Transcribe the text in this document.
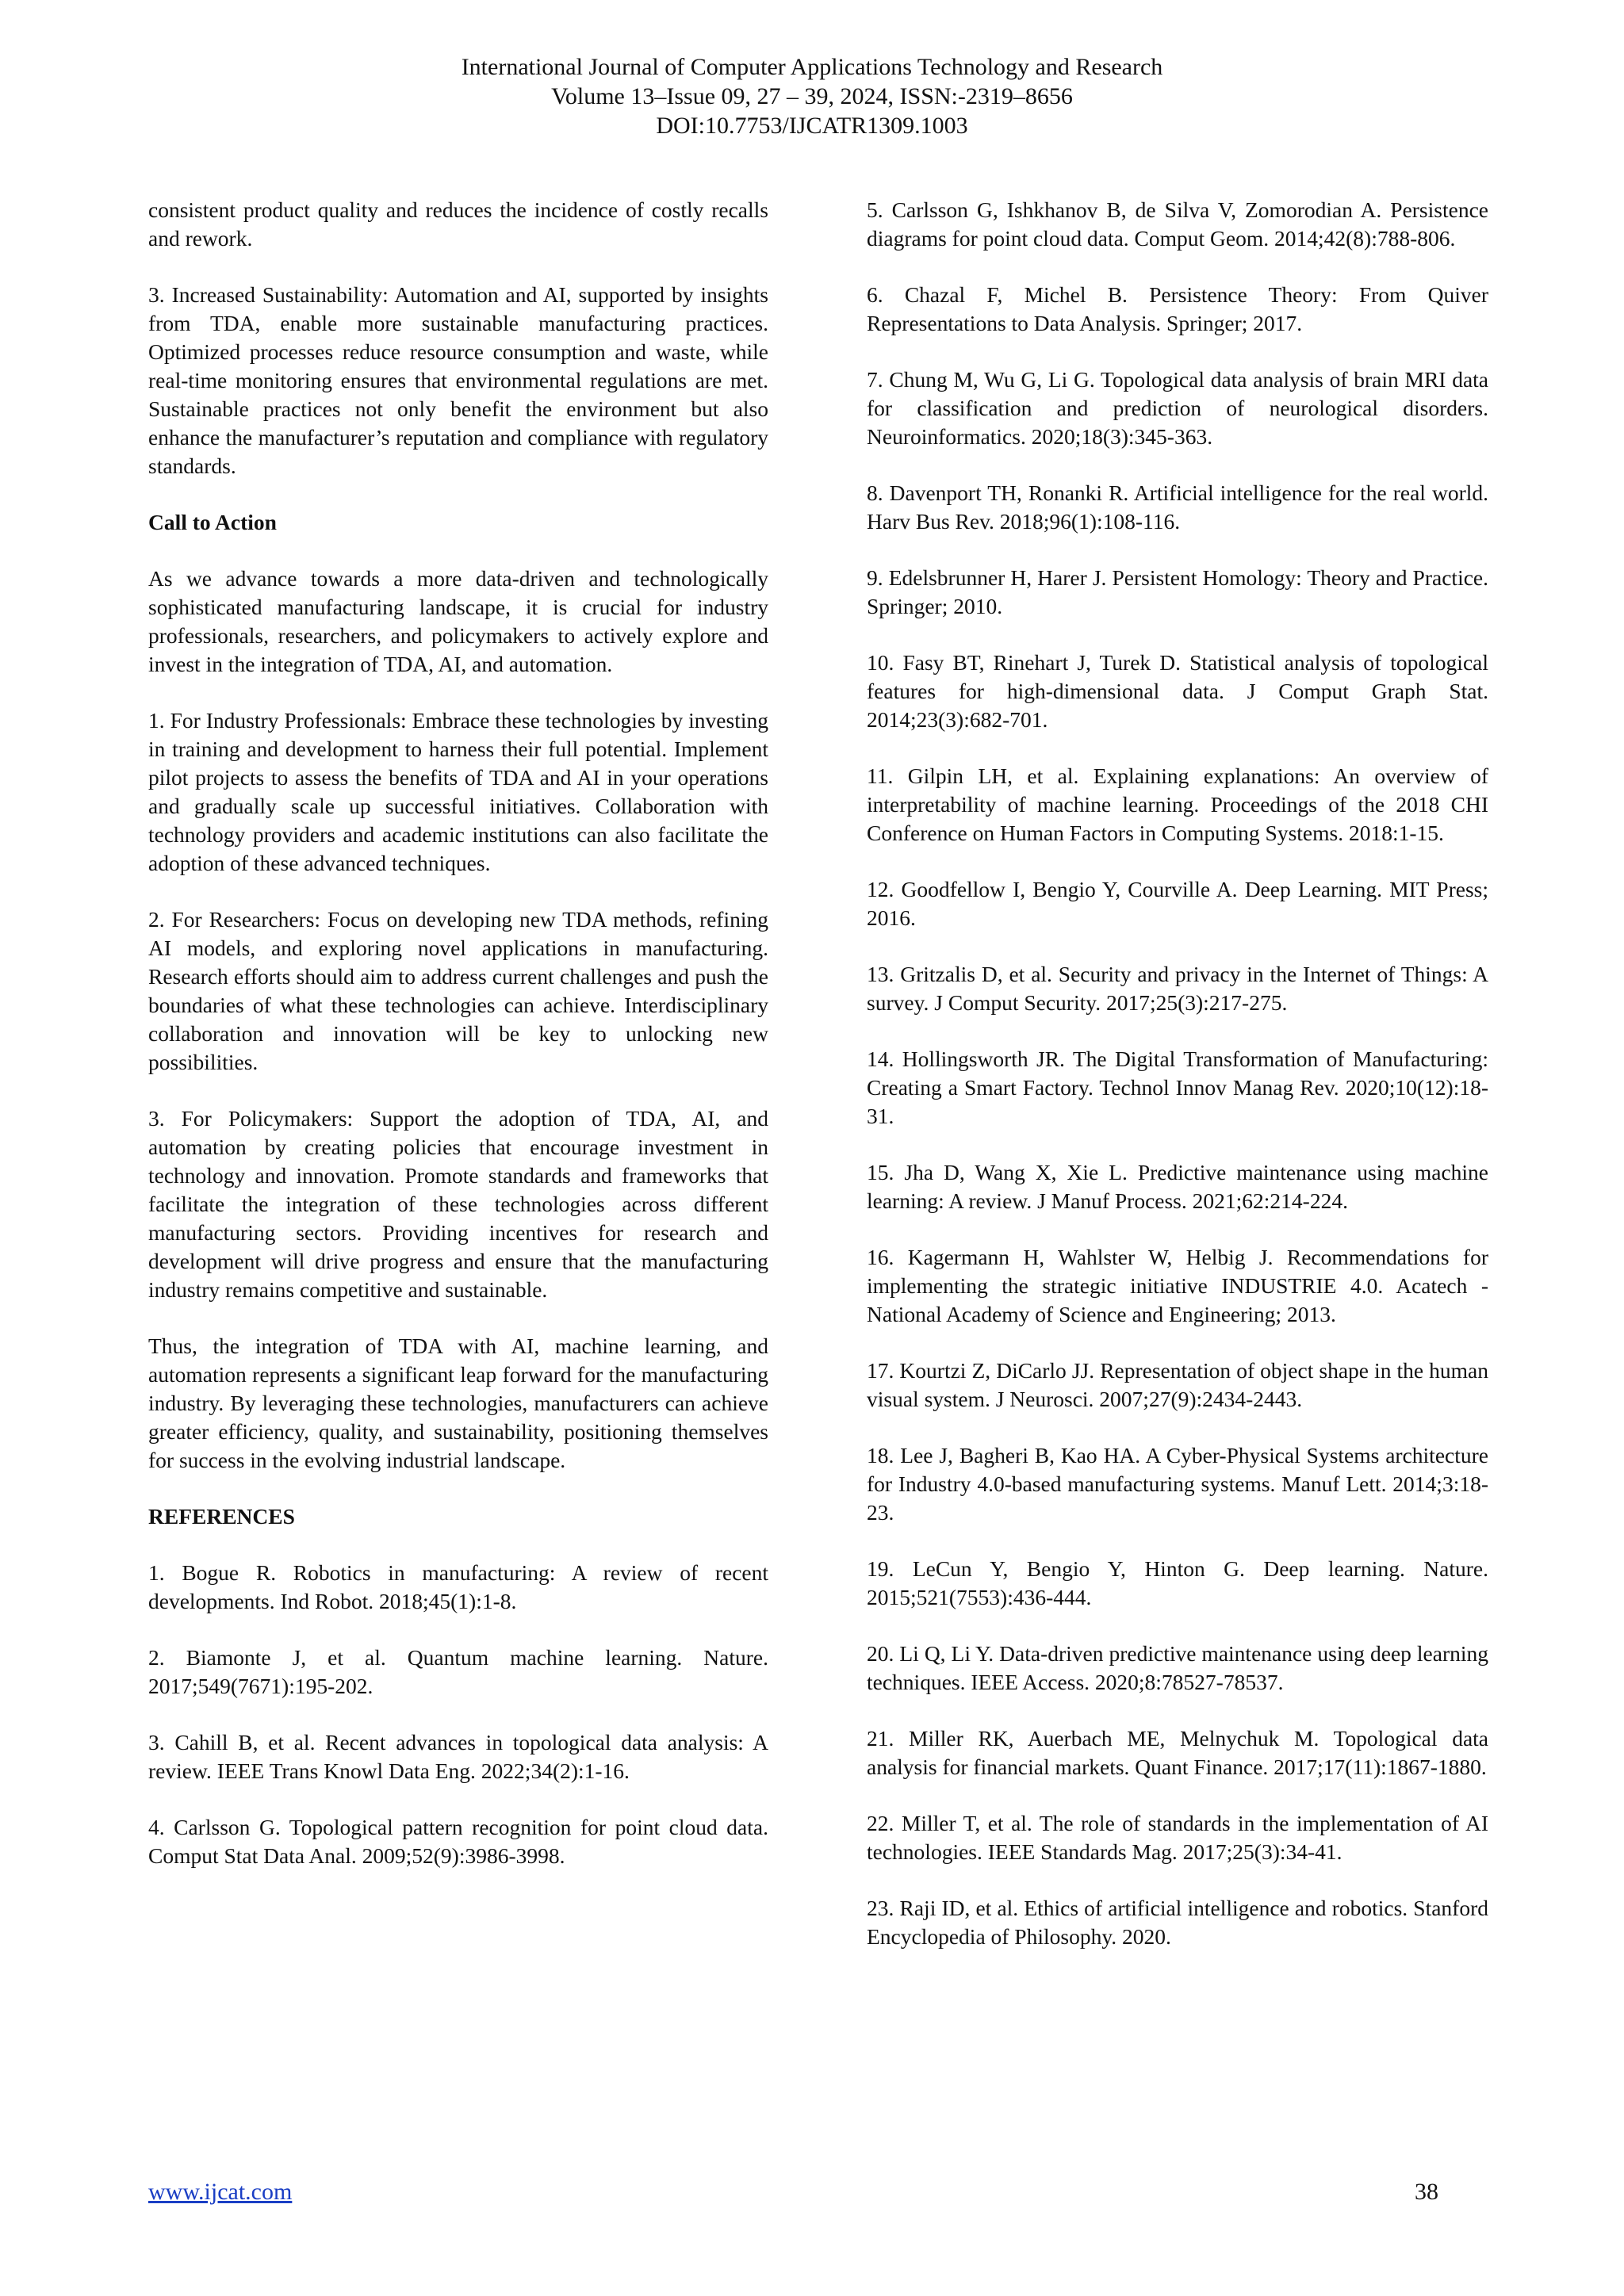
International Journal of Computer Applications Technology and Research
Volume 13–Issue 09, 27 – 39, 2024, ISSN:-2319–8656
DOI:10.7753/IJCATR1309.1003

consistent product quality and reduces the incidence of costly recalls and rework.

3. Increased Sustainability: Automation and AI, supported by insights from TDA, enable more sustainable manufacturing practices. Optimized processes reduce resource consumption and waste, while real-time monitoring ensures that environmental regulations are met. Sustainable practices not only benefit the environment but also enhance the manufacturer’s reputation and compliance with regulatory standards.

Call to Action

As we advance towards a more data-driven and technologically sophisticated manufacturing landscape, it is crucial for industry professionals, researchers, and policymakers to actively explore and invest in the integration of TDA, AI, and automation.

1. For Industry Professionals: Embrace these technologies by investing in training and development to harness their full potential. Implement pilot projects to assess the benefits of TDA and AI in your operations and gradually scale up successful initiatives. Collaboration with technology providers and academic institutions can also facilitate the adoption of these advanced techniques.

2. For Researchers: Focus on developing new TDA methods, refining AI models, and exploring novel applications in manufacturing. Research efforts should aim to address current challenges and push the boundaries of what these technologies can achieve. Interdisciplinary collaboration and innovation will be key to unlocking new possibilities.

3. For Policymakers: Support the adoption of TDA, AI, and automation by creating policies that encourage investment in technology and innovation. Promote standards and frameworks that facilitate the integration of these technologies across different manufacturing sectors. Providing incentives for research and development will drive progress and ensure that the manufacturing industry remains competitive and sustainable.

Thus, the integration of TDA with AI, machine learning, and automation represents a significant leap forward for the manufacturing industry. By leveraging these technologies, manufacturers can achieve greater efficiency, quality, and sustainability, positioning themselves for success in the evolving industrial landscape.

REFERENCES

1. Bogue R. Robotics in manufacturing: A review of recent developments. Ind Robot. 2018;45(1):1-8.

2. Biamonte J, et al. Quantum machine learning. Nature. 2017;549(7671):195-202.

3. Cahill B, et al. Recent advances in topological data analysis: A review. IEEE Trans Knowl Data Eng. 2022;34(2):1-16.

4. Carlsson G. Topological pattern recognition for point cloud data. Comput Stat Data Anal. 2009;52(9):3986-3998.

5. Carlsson G, Ishkhanov B, de Silva V, Zomorodian A. Persistence diagrams for point cloud data. Comput Geom. 2014;42(8):788-806.

6. Chazal F, Michel B. Persistence Theory: From Quiver Representations to Data Analysis. Springer; 2017.

7. Chung M, Wu G, Li G. Topological data analysis of brain MRI data for classification and prediction of neurological disorders. Neuroinformatics. 2020;18(3):345-363.

8. Davenport TH, Ronanki R. Artificial intelligence for the real world. Harv Bus Rev. 2018;96(1):108-116.

9. Edelsbrunner H, Harer J. Persistent Homology: Theory and Practice. Springer; 2010.

10. Fasy BT, Rinehart J, Turek D. Statistical analysis of topological features for high-dimensional data. J Comput Graph Stat. 2014;23(3):682-701.

11. Gilpin LH, et al. Explaining explanations: An overview of interpretability of machine learning. Proceedings of the 2018 CHI Conference on Human Factors in Computing Systems. 2018:1-15.

12. Goodfellow I, Bengio Y, Courville A. Deep Learning. MIT Press; 2016.

13. Gritzalis D, et al. Security and privacy in the Internet of Things: A survey. J Comput Security. 2017;25(3):217-275.

14. Hollingsworth JR. The Digital Transformation of Manufacturing: Creating a Smart Factory. Technol Innov Manag Rev. 2020;10(12):18-31.

15. Jha D, Wang X, Xie L. Predictive maintenance using machine learning: A review. J Manuf Process. 2021;62:214-224.

16. Kagermann H, Wahlster W, Helbig J. Recommendations for implementing the strategic initiative INDUSTRIE 4.0. Acatech - National Academy of Science and Engineering; 2013.

17. Kourtzi Z, DiCarlo JJ. Representation of object shape in the human visual system. J Neurosci. 2007;27(9):2434-2443.

18. Lee J, Bagheri B, Kao HA. A Cyber-Physical Systems architecture for Industry 4.0-based manufacturing systems. Manuf Lett. 2014;3:18-23.

19. LeCun Y, Bengio Y, Hinton G. Deep learning. Nature. 2015;521(7553):436-444.

20. Li Q, Li Y. Data-driven predictive maintenance using deep learning techniques. IEEE Access. 2020;8:78527-78537.

21. Miller RK, Auerbach ME, Melnychuk M. Topological data analysis for financial markets. Quant Finance. 2017;17(11):1867-1880.

22. Miller T, et al. The role of standards in the implementation of AI technologies. IEEE Standards Mag. 2017;25(3):34-41.

23. Raji ID, et al. Ethics of artificial intelligence and robotics. Stanford Encyclopedia of Philosophy. 2020.

www.ijcat.com	38
